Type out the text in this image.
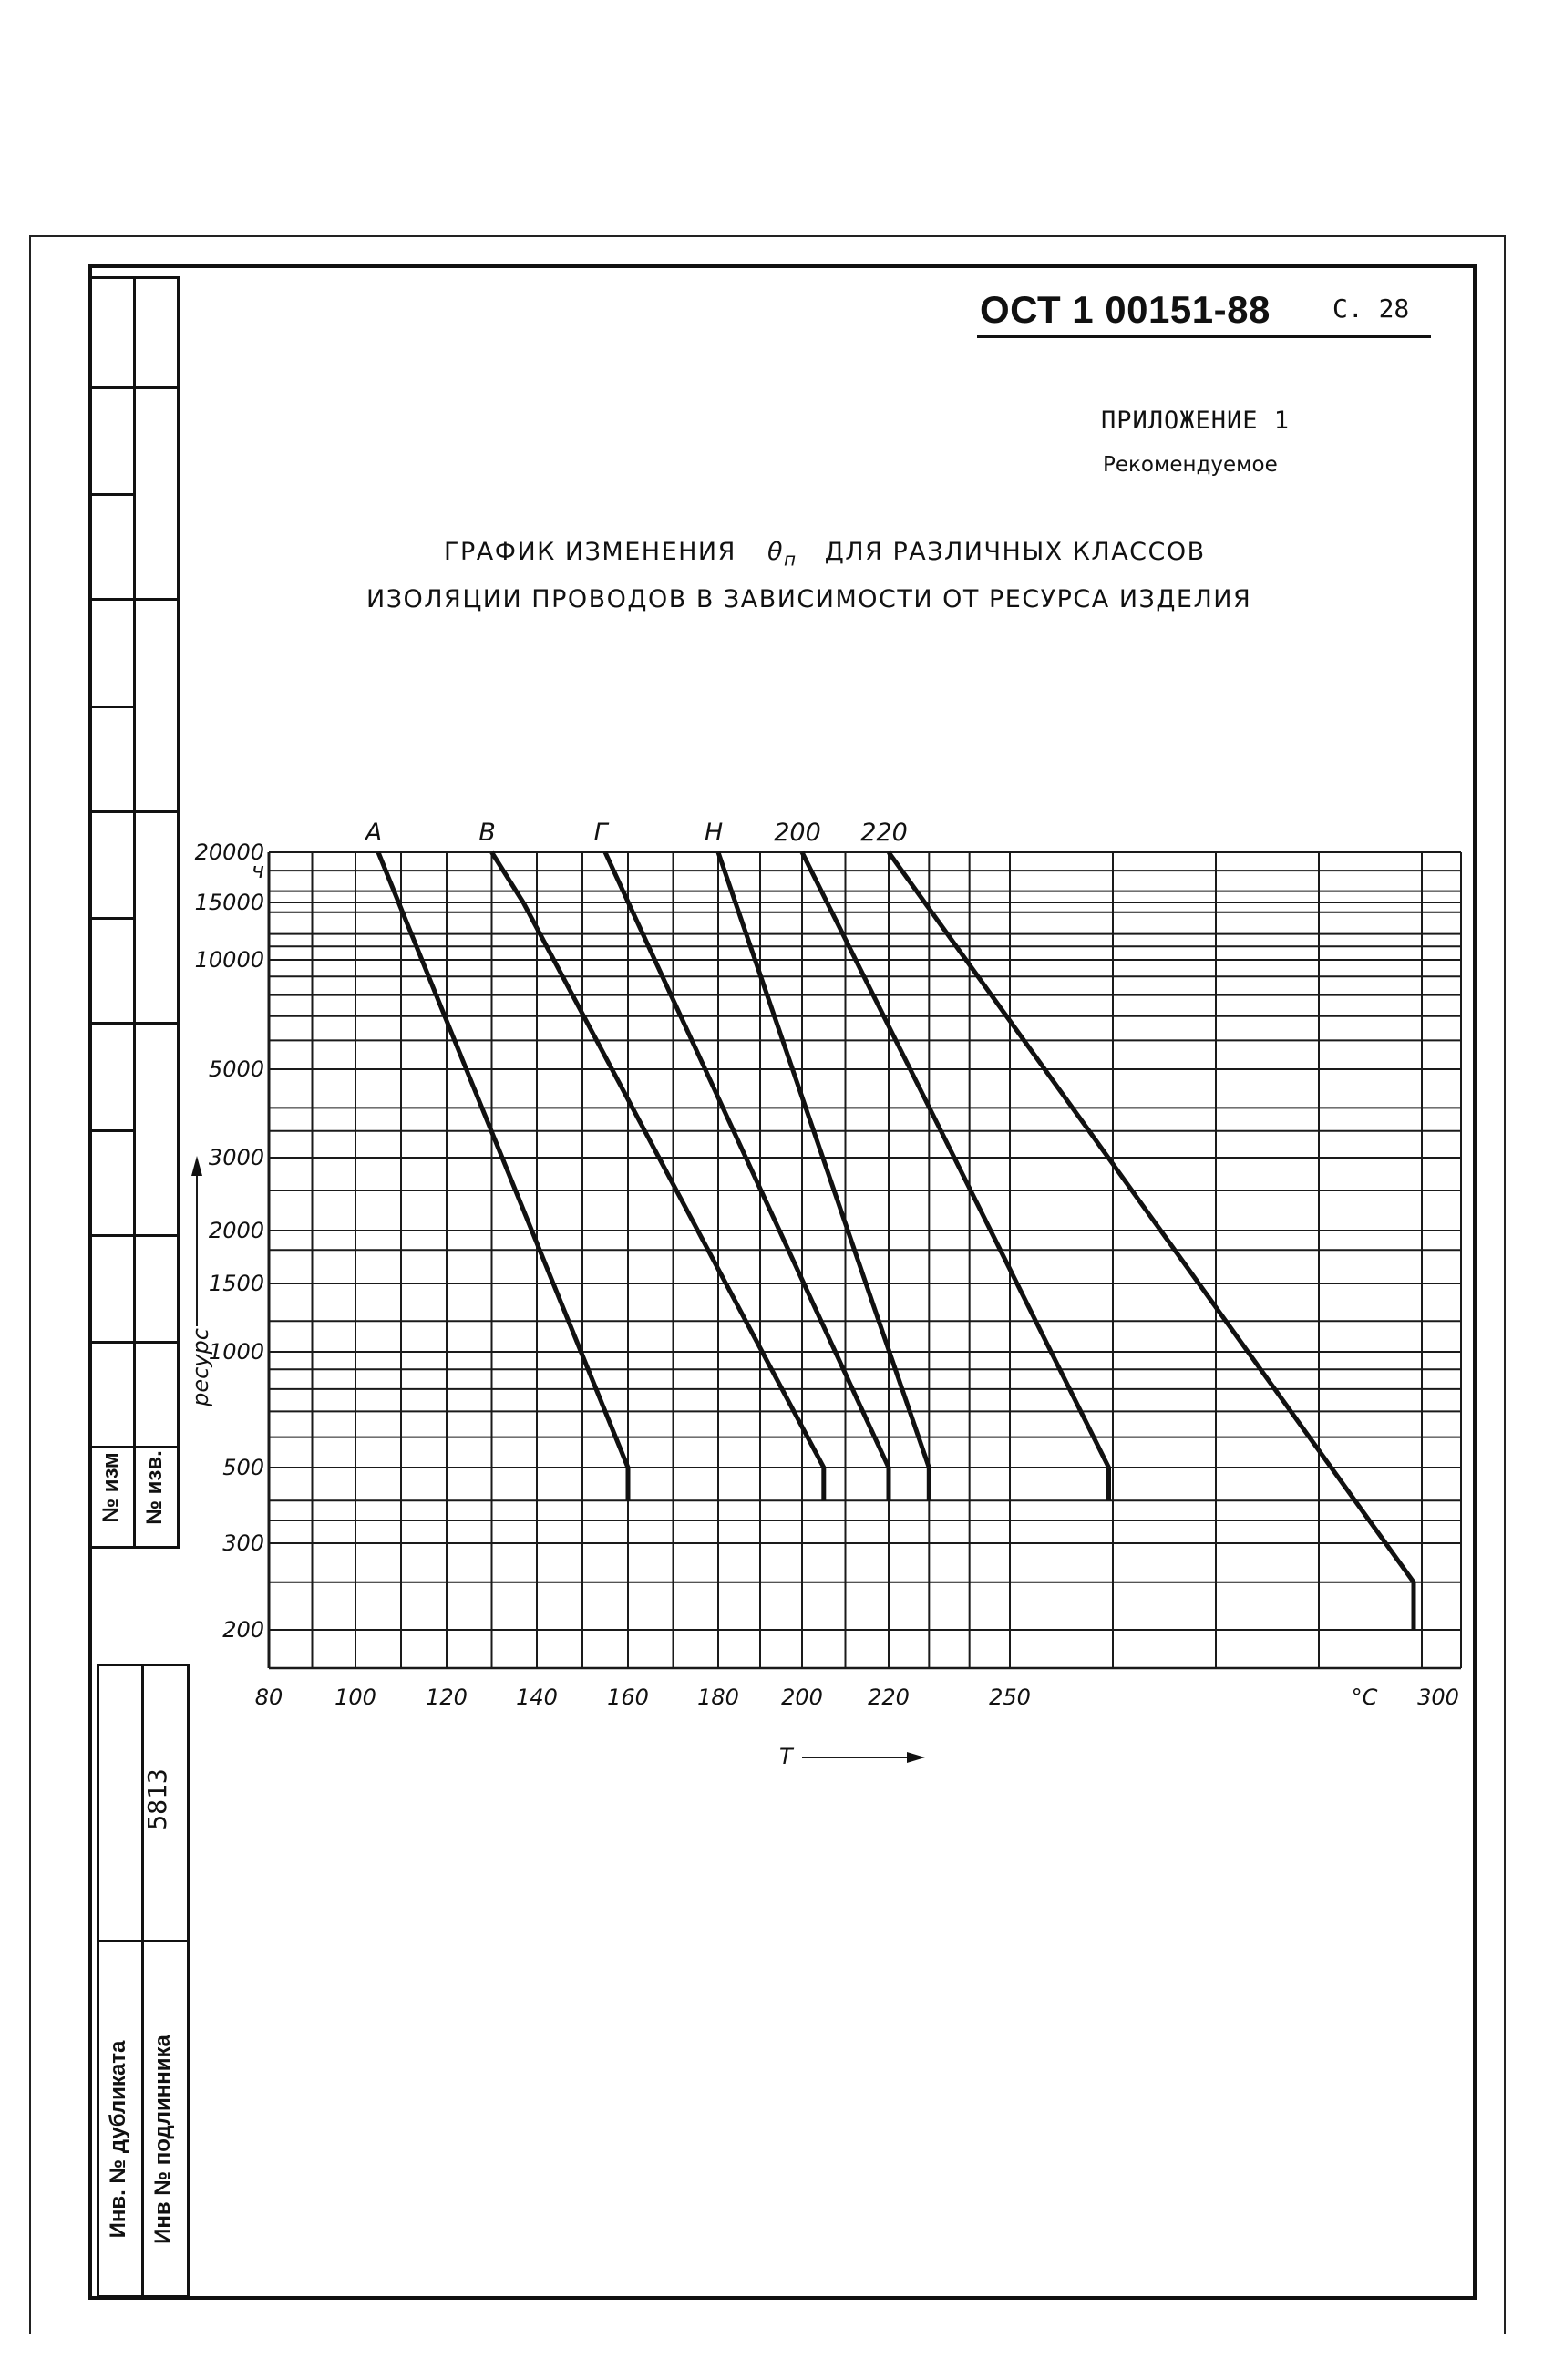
№ изм № изв.
5813
Инв. № дубликата Инв № подлинника
ОСТ 1 00151-88 С. 28
ПРИЛОЖЕНИЕ 1
Рекомендуемое
ГРАФИК ИЗМЕНЕНИЯ $\theta_п$ ДЛЯ РАЗЛИЧНЫХ КЛАССОВ
ИЗОЛЯЦИИ ПРОВОДОВ В ЗАВИСИМОСТИ ОТ РЕСУРСА ИЗДЕЛИЯ
80 100 120 140 160 180 200 220	250	300
°C
T
20000
ч
15000
10000
5000
3000
2000
1500
1000
500
300
200
ресурс
А	В	Г	Н 200 220
